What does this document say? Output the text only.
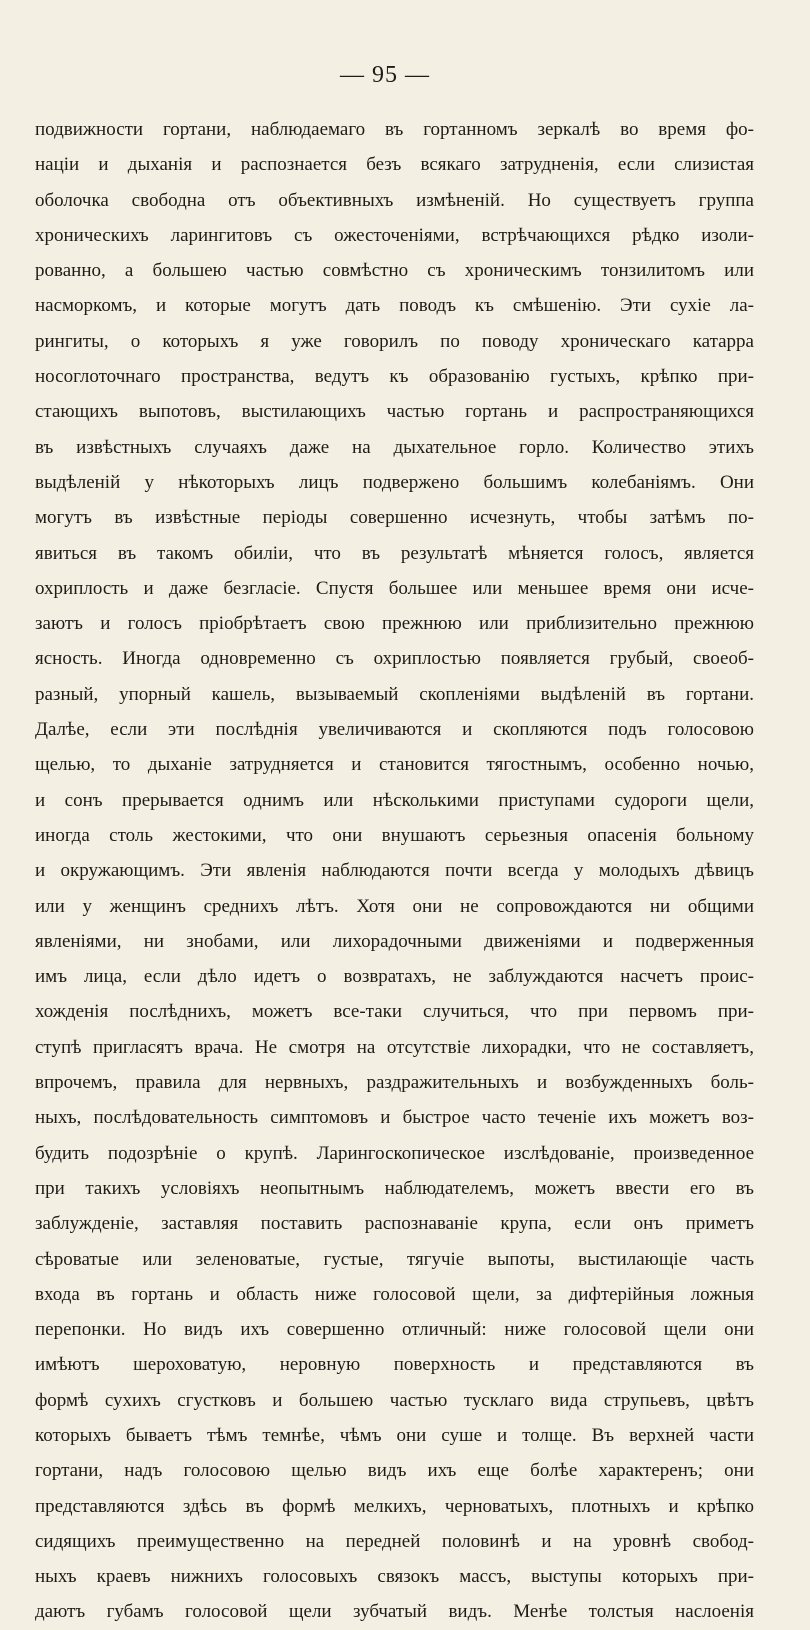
— 95 —
подвижности гортани, наблюдаемаго въ гортанномъ зеркалѣ во время фо-
націи и дыханія и распознается безъ всякаго затрудненія, если слизистая
оболочка свободна отъ объективныхъ измѣненій. Но существуетъ группа
хроническихъ ларингитовъ съ ожесточеніями, встрѣчающихся рѣдко изоли-
рованно, а большею частью совмѣстно съ хроническимъ тонзилитомъ или
насморкомъ, и которые могутъ дать поводъ къ смѣшенію. Эти сухіе ла-
рингиты, о которыхъ я уже говорилъ по поводу хроническаго катарра
носоглоточнаго пространства, ведутъ къ образованію густыхъ, крѣпко при-
стающихъ выпотовъ, выстилающихъ частью гортань и распространяющихся
въ извѣстныхъ случаяхъ даже на дыхательное горло. Количество этихъ
выдѣленій у нѣкоторыхъ лицъ подвержено большимъ колебаніямъ. Они
могутъ въ извѣстные періоды совершенно исчезнуть, чтобы затѣмъ по-
явиться въ такомъ обиліи, что въ результатѣ мѣняется голосъ, является
охриплость и даже безгласіе. Спустя большее или меньшее время они исче-
заютъ и голосъ пріобрѣтаетъ свою прежнюю или приблизительно прежнюю
ясность. Иногда одновременно съ охриплостью появляется грубый, своеоб-
разный, упорный кашель, вызываемый скопленіями выдѣленій въ гортани.
Далѣе, если эти послѣднія увеличиваются и скопляются подъ голосовою
щелью, то дыханіе затрудняется и становится тягостнымъ, особенно ночью,
и сонъ прерывается однимъ или нѣсколькими приступами судороги щели,
иногда столь жестокими, что они внушаютъ серьезныя опасенія больному
и окружающимъ. Эти явленія наблюдаются почти всегда у молодыхъ дѣвицъ
или у женщинъ среднихъ лѣтъ. Хотя они не сопровождаются ни общими
явленіями, ни знобами, или лихорадочными движеніями и подверженныя
имъ лица, если дѣло идетъ о возвратахъ, не заблуждаются насчетъ проис-
хожденія послѣднихъ, можетъ все-таки случиться, что при первомъ при-
ступѣ пригласятъ врача. Не смотря на отсутствіе лихорадки, что не составляетъ,
впрочемъ, правила для нервныхъ, раздражительныхъ и возбужденныхъ боль-
ныхъ, послѣдовательность симптомовъ и быстрое часто теченіе ихъ можетъ воз-
будить подозрѣніе о крупѣ. Ларингоскопическое изслѣдованіе, произведенное
при такихъ условіяхъ неопытнымъ наблюдателемъ, можетъ ввести его въ
заблужденіе, заставляя поставить распознаваніе крупа, если онъ приметъ
сѣроватые или зеленоватые, густые, тягучіе выпоты, выстилающіе часть
входа въ гортань и область ниже голосовой щели, за дифтерійныя ложныя
перепонки. Но видъ ихъ совершенно отличный: ниже голосовой щели они
имѣютъ шероховатую, неровную поверхность и представляются въ
формѣ сухихъ сгустковъ и большею частью тусклаго вида струпьевъ, цвѣтъ
которыхъ бываетъ тѣмъ темнѣе, чѣмъ они суше и толще. Въ верхней части
гортани, надъ голосовою щелью видъ ихъ еще болѣе характеренъ; они
представляются здѣсь въ формѣ мелкихъ, черноватыхъ, плотныхъ и крѣпко
сидящихъ преимущественно на передней половинѣ и на уровнѣ свобод-
ныхъ краевъ нижнихъ голосовыхъ связокъ массъ, выступы которыхъ при-
даютъ губамъ голосовой щели зубчатый видъ. Менѣе толстыя наслоенія
